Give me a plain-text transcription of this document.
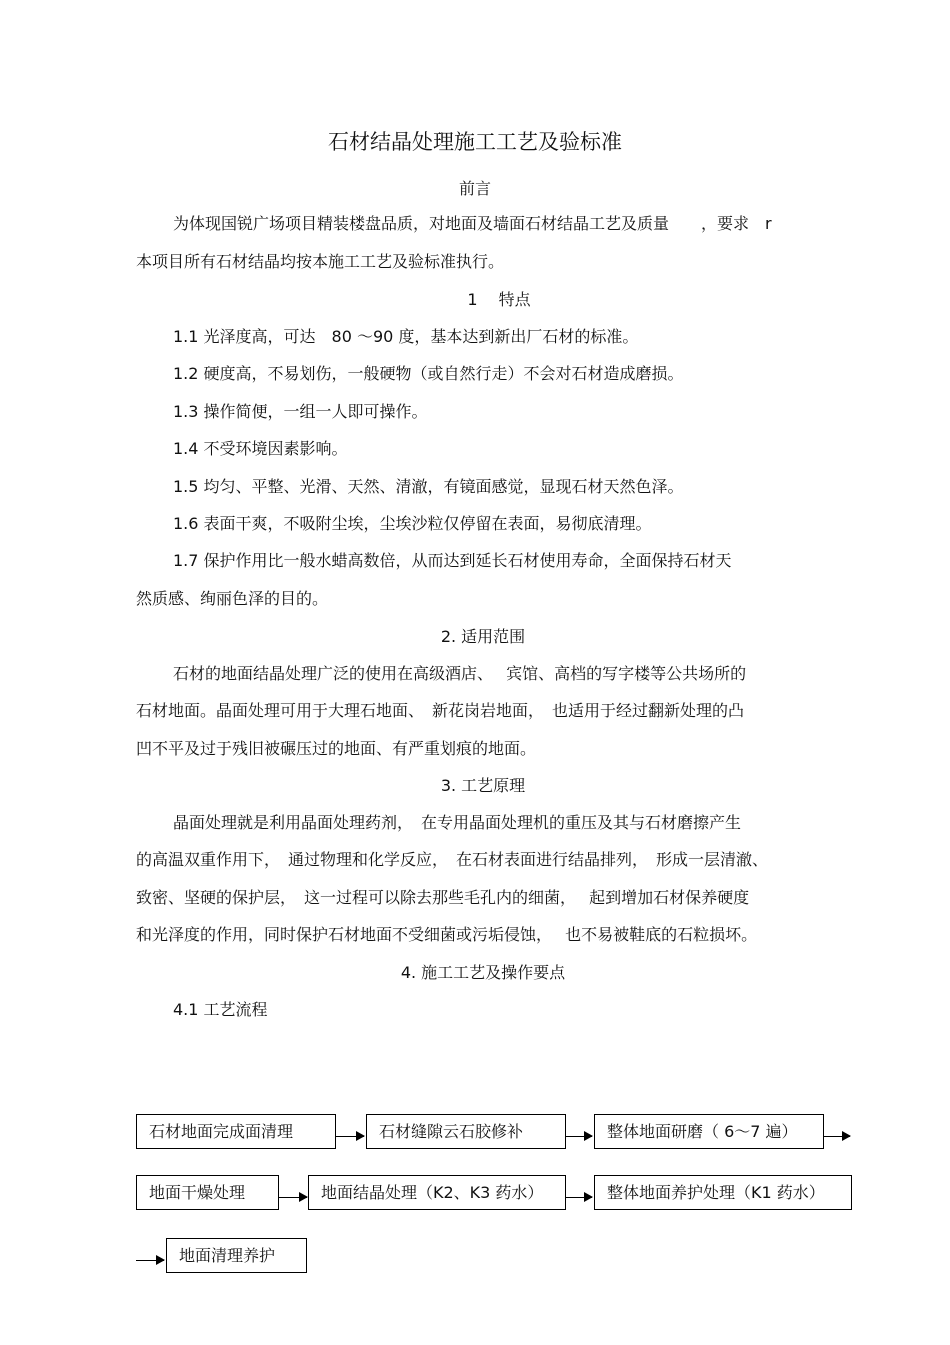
石材结晶处理施工工艺及验标准
前言
为体现国锐广场项目精装楼盘品质，对地面及墙面石材结晶工艺及质量　　，要求　r
本项目所有石材结晶均按本施工工艺及验标准执行。
1　 特点
1.1 光泽度高，可达　80 ～90 度，基本达到新出厂石材的标准。
1.2 硬度高，不易划伤，一般硬物（或自然行走）不会对石材造成磨损。
1.3 操作简便，一组一人即可操作。
1.4 不受环境因素影响。
1.5 均匀、平整、光滑、天然、清澈，有镜面感觉，显现石材天然色泽。
1.6 表面干爽，不吸附尘埃，尘埃沙粒仅停留在表面，易彻底清理。
1.7 保护作用比一般水蜡高数倍，从而达到延长石材使用寿命，全面保持石材天
然质感、绚丽色泽的目的。
2. 适用范围
石材的地面结晶处理广泛的使用在高级酒店、　 宾馆、高档的写字楼等公共场所的
石材地面。晶面处理可用于大理石地面、　新花岗岩地面，　也适用于经过翻新处理的凸
凹不平及过于残旧被碾压过的地面、有严重划痕的地面。
3. 工艺原理
晶面处理就是利用晶面处理药剂，　在专用晶面处理机的重压及其与石材磨擦产生
的高温双重作用下，　通过物理和化学反应，　在石材表面进行结晶排列，　形成一层清澈、
致密、坚硬的保护层，　这一过程可以除去那些毛孔内的细菌，　 起到增加石材保养硬度
和光泽度的作用，同时保护石材地面不受细菌或污垢侵蚀，　 也不易被鞋底的石粒损坏。
4. 施工工艺及操作要点
4.1 工艺流程
石材地面完成面清理	石材缝隙云石胶修补	整体地面研磨（ 6～7 遍）
地面干燥处理	地面结晶处理（K2、K3 药水）	整体地面养护处理（K1 药水）
地面清理养护
